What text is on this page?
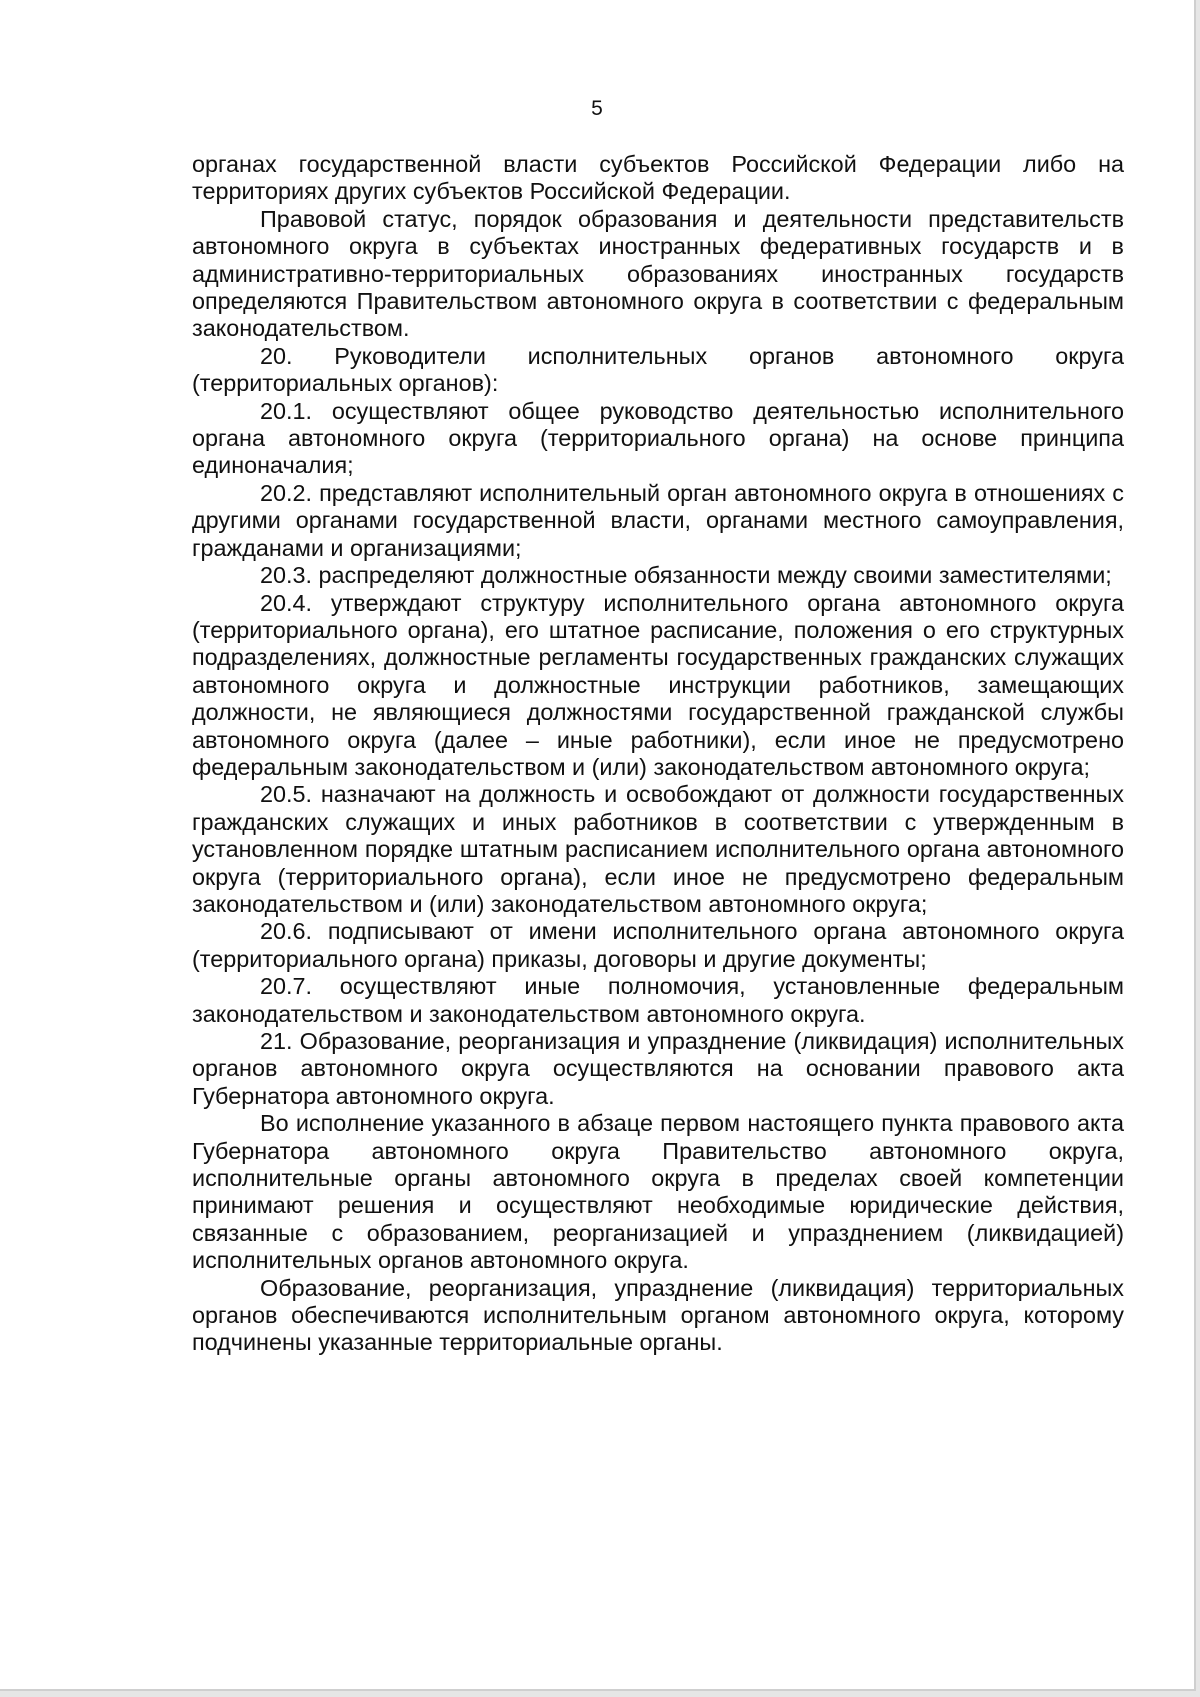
5

органах государственной власти субъектов Российской Федерации либо на территориях других субъектов Российской Федерации.

Правовой статус, порядок образования и деятельности представительств автономного округа в субъектах иностранных федеративных государств и в административно-территориальных образованиях иностранных государств определяются Правительством автономного округа в соответствии с федеральным законодательством.

20. Руководители исполнительных органов автономного округа (территориальных органов):

20.1. осуществляют общее руководство деятельностью исполнительного органа автономного округа (территориального органа) на основе принципа единоначалия;

20.2. представляют исполнительный орган автономного округа в отношениях с другими органами государственной власти, органами местного самоуправления, гражданами и организациями;

20.3. распределяют должностные обязанности между своими заместителями;

20.4. утверждают структуру исполнительного органа автономного округа (территориального органа), его штатное расписание, положения о его структурных подразделениях, должностные регламенты государственных гражданских служащих автономного округа и должностные инструкции работников, замещающих должности, не являющиеся должностями государственной гражданской службы автономного округа (далее – иные работники), если иное не предусмотрено федеральным законодательством и (или) законодательством автономного округа;

20.5. назначают на должность и освобождают от должности государственных гражданских служащих и иных работников в соответствии с утвержденным в установленном порядке штатным расписанием исполнительного органа автономного округа (территориального органа), если иное не предусмотрено федеральным законодательством и (или) законодательством автономного округа;

20.6. подписывают от имени исполнительного органа автономного округа (территориального органа) приказы, договоры и другие документы;

20.7. осуществляют иные полномочия, установленные федеральным законодательством и законодательством автономного округа.

21. Образование, реорганизация и упразднение (ликвидация) исполнительных органов автономного округа осуществляются на основании правового акта Губернатора автономного округа.

Во исполнение указанного в абзаце первом настоящего пункта правового акта Губернатора автономного округа Правительство автономного округа, исполнительные органы автономного округа в пределах своей компетенции принимают решения и осуществляют необходимые юридические действия, связанные с образованием, реорганизацией и упразднением (ликвидацией) исполнительных органов автономного округа.

Образование, реорганизация, упразднение (ликвидация) территориальных органов обеспечиваются исполнительным органом автономного округа, которому подчинены указанные территориальные органы.
